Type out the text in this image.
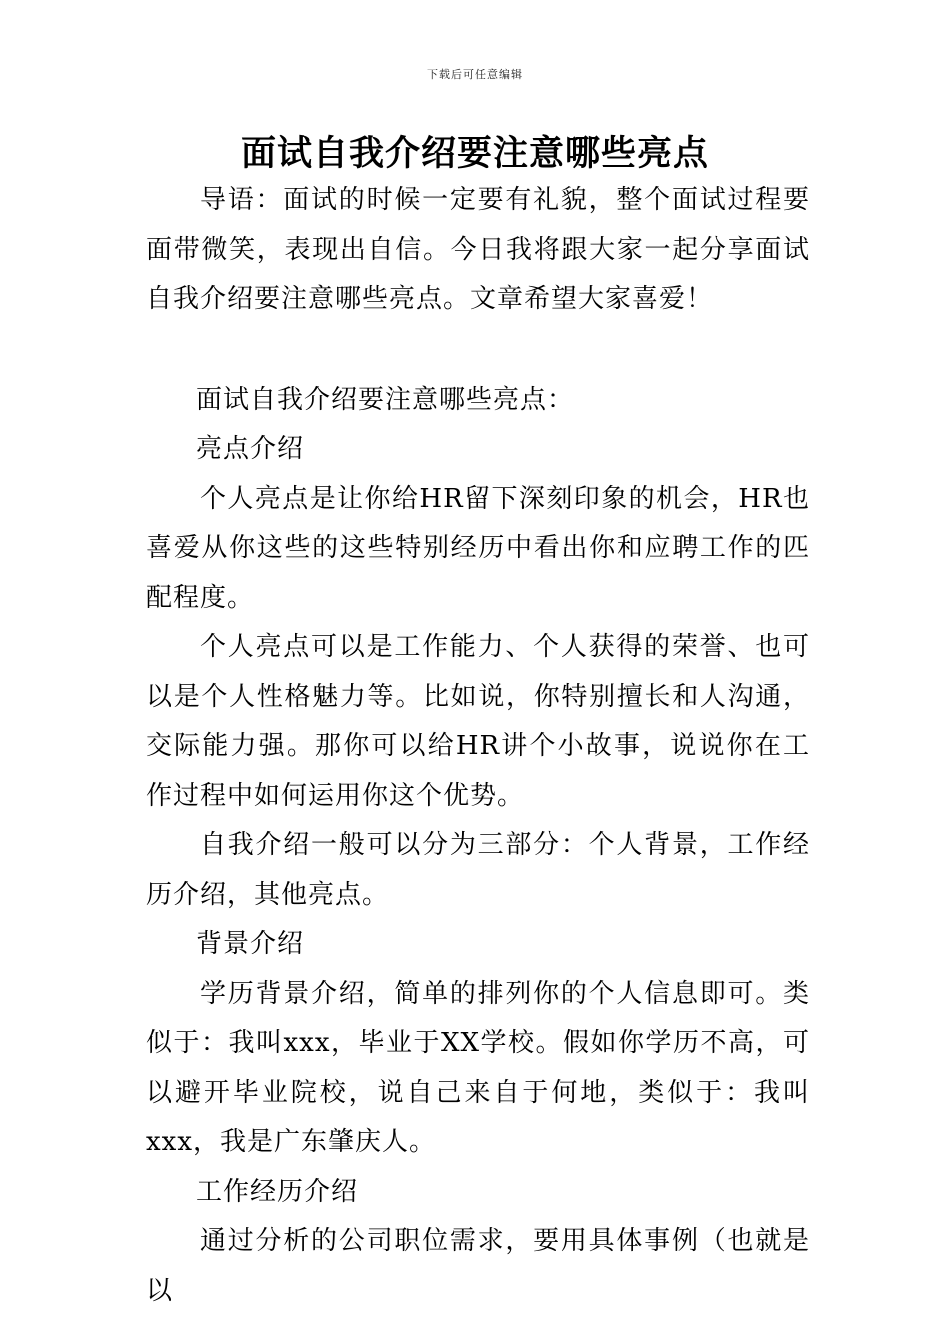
下载后可任意编辑
面试自我介绍要注意哪些亮点

导语：面试的时候一定要有礼貌，整个面试过程要面带微笑，表现出自信。今日我将跟大家一起分享面试自我介绍要注意哪些亮点。文章希望大家喜爱！

面试自我介绍要注意哪些亮点：

亮点介绍

个人亮点是让你给HR留下深刻印象的机会，HR也喜爱从你这些的这些特别经历中看出你和应聘工作的匹配程度。

个人亮点可以是工作能力、个人获得的荣誉、也可以是个人性格魅力等。比如说，你特别擅长和人沟通，交际能力强。那你可以给HR讲个小故事，说说你在工作过程中如何运用你这个优势。

自我介绍一般可以分为三部分：个人背景，工作经历介绍，其他亮点。

背景介绍

学历背景介绍，简单的排列你的个人信息即可。类似于：我叫xxx，毕业于XX学校。假如你学历不高，可以避开毕业院校，说自己来自于何地，类似于：我叫xxx，我是广东肇庆人。

工作经历介绍

通过分析的公司职位需求，要用具体事例（也就是以
